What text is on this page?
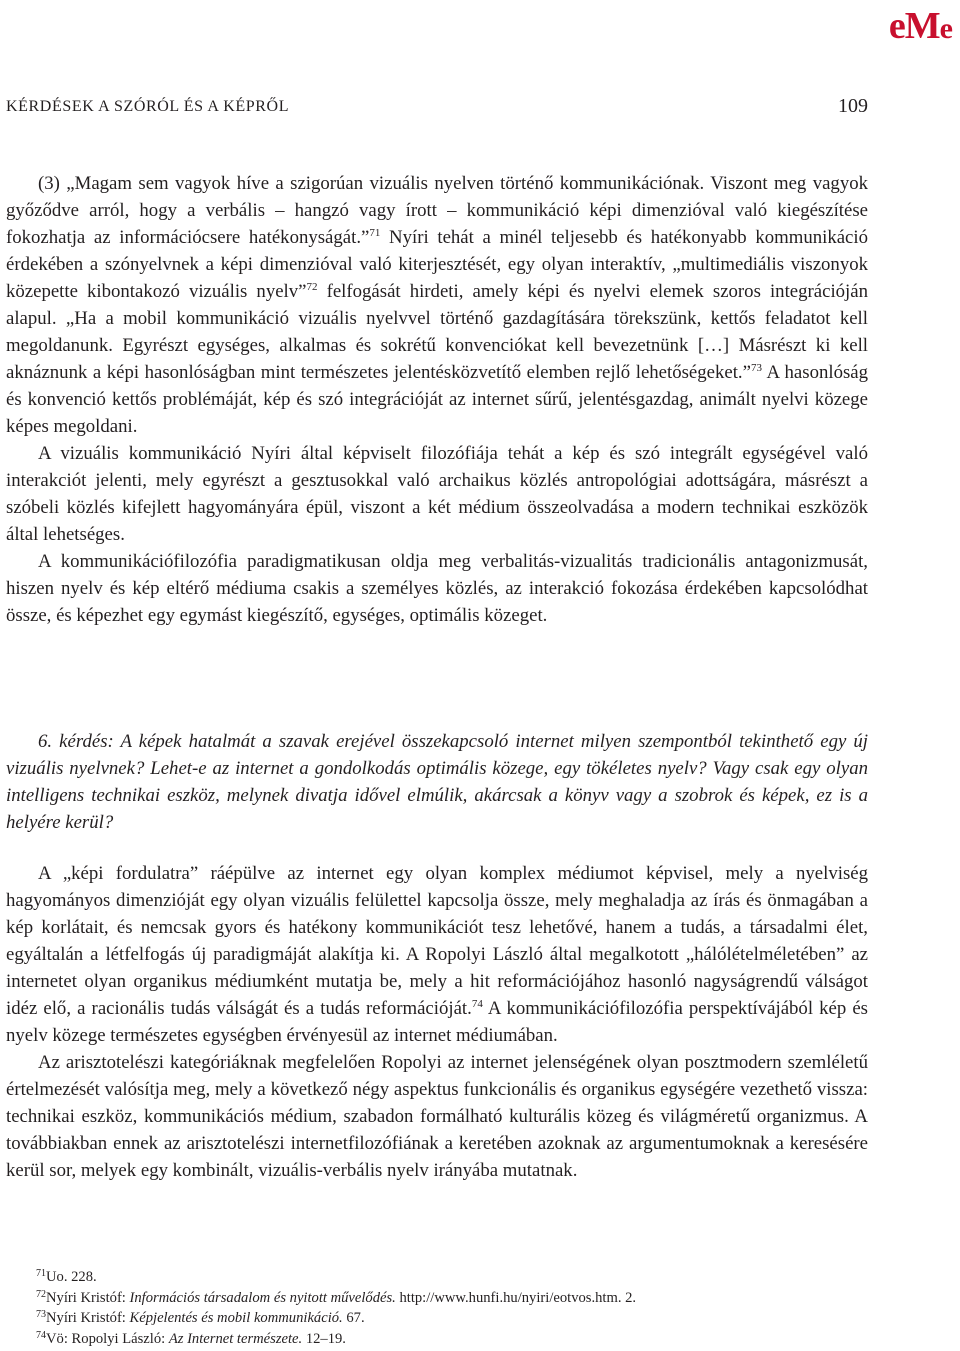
eMe
KÉRDÉSEK A SZÓRÓL ÉS A KÉPRŐL	109

(3) „Magam sem vagyok híve a szigorúan vizuális nyelven történő kommunikációnak. Viszont meg vagyok győződve arról, hogy a verbális – hangzó vagy írott – kommunikáció képi dimenzióval való kiegészítése fokozhatja az információcsere hatékonyságát.”$^{71}$ Nyíri tehát a minél teljesebb és hatékonyabb kommunikáció érdekében a szónyelvnek a képi dimenzióval való kiterjesztését, egy olyan interaktív, „multimediális viszonyok közepette kibontakozó vizuális nyelv”$^{72}$ felfogását hirdeti, amely képi és nyelvi elemek szoros integrációján alapul. „Ha a mobil kommunikáció vizuális nyelvvel történő gazdagítására törekszünk, kettős feladatot kell megoldanunk. Egyrészt egységes, alkalmas és sokrétű konvenciókat kell bevezetnünk […] Másrészt ki kell aknáznunk a képi hasonlóságban mint természetes jelentésközvetítő elemben rejlő lehetőségeket.”$^{73}$ A hasonlóság és konvenció kettős problémáját, kép és szó integrációját az internet sűrű, jelentésgazdag, animált nyelvi közege képes megoldani.

A vizuális kommunikáció Nyíri által képviselt filozófiája tehát a kép és szó integrált egységével való interakciót jelenti, mely egyrészt a gesztusokkal való archaikus közlés antropológiai adottságára, másrészt a szóbeli közlés kifejlett hagyományára épül, viszont a két médium összeolvadása a modern technikai eszközök által lehetséges.

A kommunikációfilozófia paradigmatikusan oldja meg verbalitás-vizualitás tradicionális antagonizmusát, hiszen nyelv és kép eltérő médiuma csakis a személyes közlés, az interakció fokozása érdekében kapcsolódhat össze, és képezhet egy egymást kiegészítő, egységes, optimális közeget.

6. kérdés: A képek hatalmát a szavak erejével összekapcsoló internet milyen szempontból tekinthető egy új vizuális nyelvnek? Lehet-e az internet a gondolkodás optimális közege, egy tökéletes nyelv? Vagy csak egy olyan intelligens technikai eszköz, melynek divatja idővel elmúlik, akárcsak a könyv vagy a szobrok és képek, ez is a helyére kerül?

A „képi fordulatra” ráépülve az internet egy olyan komplex médiumot képvisel, mely a nyelviség hagyományos dimenzióját egy olyan vizuális felülettel kapcsolja össze, mely meghaladja az írás és önmagában a kép korlátait, és nemcsak gyors és hatékony kommunikációt tesz lehetővé, hanem a tudás, a társadalmi élet, egyáltalán a létfelfogás új paradigmáját alakítja ki. A Ropolyi László által megalkotott „hálólételméletében” az internetet olyan organikus médiumként mutatja be, mely a hit reformációjához hasonló nagyságrendű válságot idéz elő, a racionális tudás válságát és a tudás reformációját.$^{74}$ A kommunikációfilozófia perspektívájából kép és nyelv közege természetes egységben érvényesül az internet médiumában.

Az arisztotelészi kategóriáknak megfelelően Ropolyi az internet jelenségének olyan posztmodern szemléletű értelmezését valósítja meg, mely a következő négy aspektus funkcionális és organikus egységére vezethető vissza: technikai eszköz, kommunikációs médium, szabadon formálható kulturális közeg és világméretű organizmus. A továbbiakban ennek az arisztotelészi internetfilozófiának a keretében azoknak az argumentumoknak a keresésére kerül sor, melyek egy kombinált, vizuális-verbális nyelv irányába mutatnak.

$^{71}$Uo. 228.
$^{72}$Nyíri Kristóf: Információs társadalom és nyitott művelődés. http://www.hunfi.hu/nyiri/eotvos.htm. 2.
$^{73}$Nyíri Kristóf: Képjelentés és mobil kommunikáció. 67.
$^{74}$Vö: Ropolyi László: Az Internet természete. 12–19.
